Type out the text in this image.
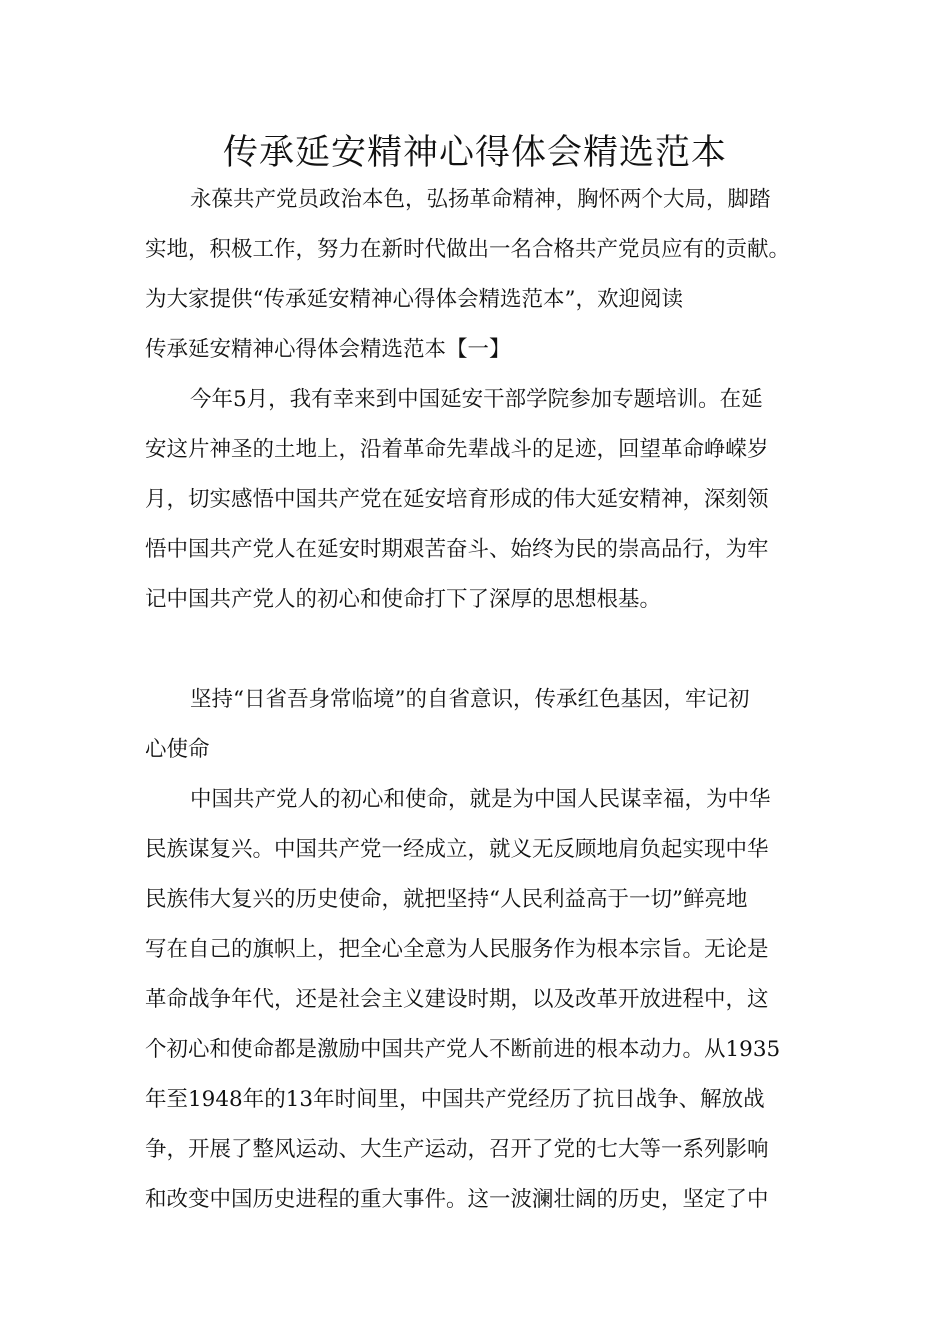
传承延安精神心得体会精选范本
永葆共产党员政治本色，弘扬革命精神，胸怀两个大局，脚踏
实地，积极工作，努力在新时代做出一名合格共产党员应有的贡献。
为大家提供“传承延安精神心得体会精选范本”，欢迎阅读
传承延安精神心得体会精选范本【一】
今年5月，我有幸来到中国延安干部学院参加专题培训。在延
安这片神圣的土地上，沿着革命先辈战斗的足迹，回望革命峥嵘岁
月，切实感悟中国共产党在延安培育形成的伟大延安精神，深刻领
悟中国共产党人在延安时期艰苦奋斗、始终为民的崇高品行，为牢
记中国共产党人的初心和使命打下了深厚的思想根基。
坚持“日省吾身常临境”的自省意识，传承红色基因，牢记初
心使命
中国共产党人的初心和使命，就是为中国人民谋幸福，为中华
民族谋复兴。中国共产党一经成立，就义无反顾地肩负起实现中华
民族伟大复兴的历史使命，就把坚持“人民利益高于一切”鲜亮地
写在自己的旗帜上，把全心全意为人民服务作为根本宗旨。无论是
革命战争年代，还是社会主义建设时期，以及改革开放进程中，这
个初心和使命都是激励中国共产党人不断前进的根本动力。从1935
年至1948年的13年时间里，中国共产党经历了抗日战争、解放战
争，开展了整风运动、大生产运动，召开了党的七大等一系列影响
和改变中国历史进程的重大事件。这一波澜壮阔的历史，坚定了中
